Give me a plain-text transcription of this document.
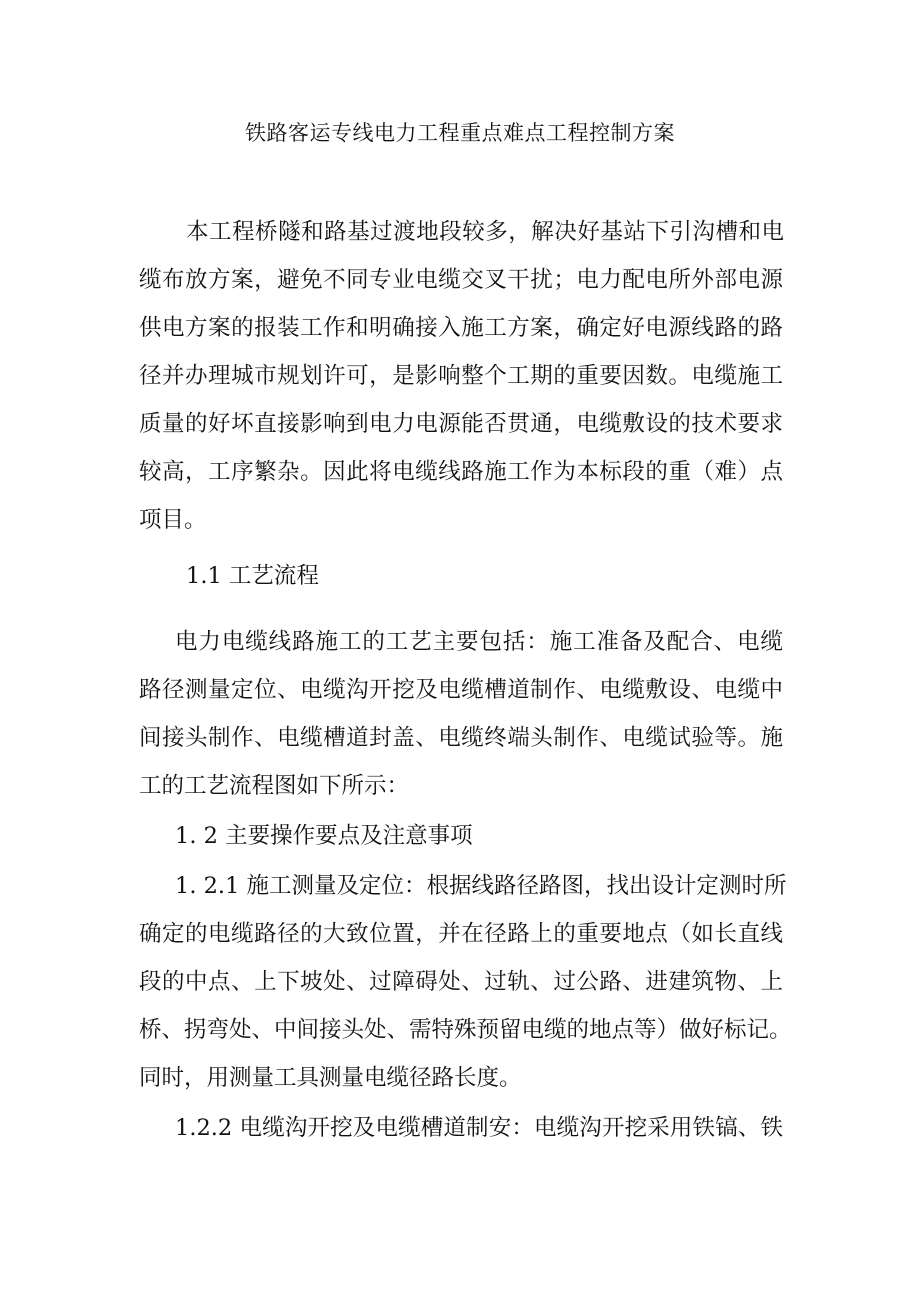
铁路客运专线电力工程重点难点工程控制方案

本工程桥隧和路基过渡地段较多，解决好基站下引沟槽和电

缆布放方案，避免不同专业电缆交叉干扰；电力配电所外部电源

供电方案的报装工作和明确接入施工方案，确定好电源线路的路

径并办理城市规划许可，是影响整个工期的重要因数。电缆施工

质量的好坏直接影响到电力电源能否贯通，电缆敷设的技术要求

较高，工序繁杂。因此将电缆线路施工作为本标段的重（难）点

项目。

1.1 工艺流程

电力电缆线路施工的工艺主要包括：施工准备及配合、电缆

路径测量定位、电缆沟开挖及电缆槽道制作、电缆敷设、电缆中

间接头制作、电缆槽道封盖、电缆终端头制作、电缆试验等。施

工的工艺流程图如下所示：

1. 2 主要操作要点及注意事项

1. 2.1 施工测量及定位：根据线路径路图，找出设计定测时所

确定的电缆路径的大致位置，并在径路上的重要地点（如长直线

段的中点、上下坡处、过障碍处、过轨、过公路、进建筑物、上

桥、拐弯处、中间接头处、需特殊预留电缆的地点等）做好标记。

同时，用测量工具测量电缆径路长度。

1.2.2 电缆沟开挖及电缆槽道制安：电缆沟开挖采用铁镐、铁
